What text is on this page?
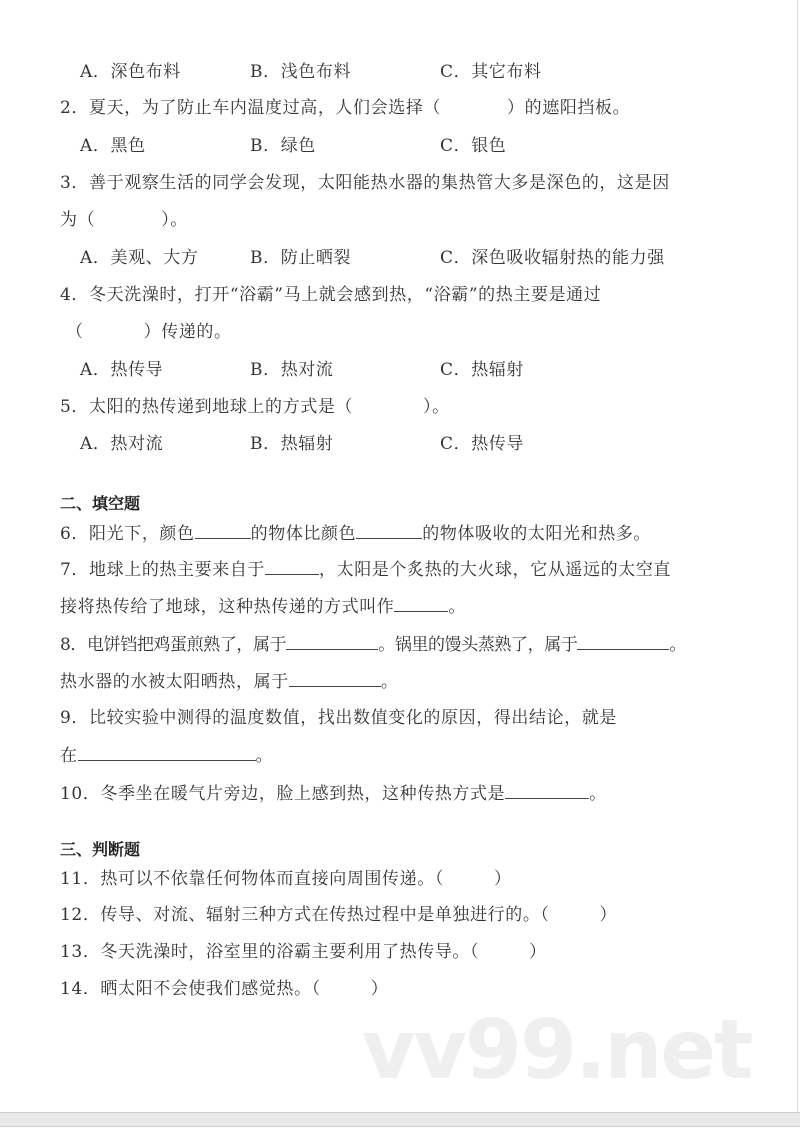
A．深色布料	B．浅色布料	C．其它布料
2．夏天，为了防止车内温度过高，人们会选择（	）的遮阳挡板。
A．黑色	B．绿色	C．银色
3．善于观察生活的同学会发现，太阳能热水器的集热管大多是深色的，这是因
为（	）。
A．美观、大方	B．防止晒裂	C．深色吸收辐射热的能力强
4．冬天洗澡时，打开“浴霸”马上就会感到热，“浴霸”的热主要是通过
（	）传递的。
A．热传导	B．热对流	C．热辐射
5．太阳的热传递到地球上的方式是（	）。
A．热对流	B．热辐射	C．热传导
二、填空题
6．阳光下，颜色	的物体比颜色	的物体吸收的太阳光和热多。
7．地球上的热主要来自于	，太阳是个炙热的大火球，它从遥远的太空直
接将热传给了地球，这种热传递的方式叫作	。
8．电饼铛把鸡蛋煎熟了，属于	。锅里的馒头蒸熟了，属于	。
热水器的水被太阳晒热，属于	。
9．比较实验中测得的温度数值，找出数值变化的原因，得出结论，就是
在	。
10．冬季坐在暖气片旁边，脸上感到热，这种传热方式是	。
三、判断题
11．热可以不依靠任何物体而直接向周围传递。（	）
12．传导、对流、辐射三种方式在传热过程中是单独进行的。（	）
13．冬天洗澡时，浴室里的浴霸主要利用了热传导。（	）
14．晒太阳不会使我们感觉热。（	）
vv99.net
